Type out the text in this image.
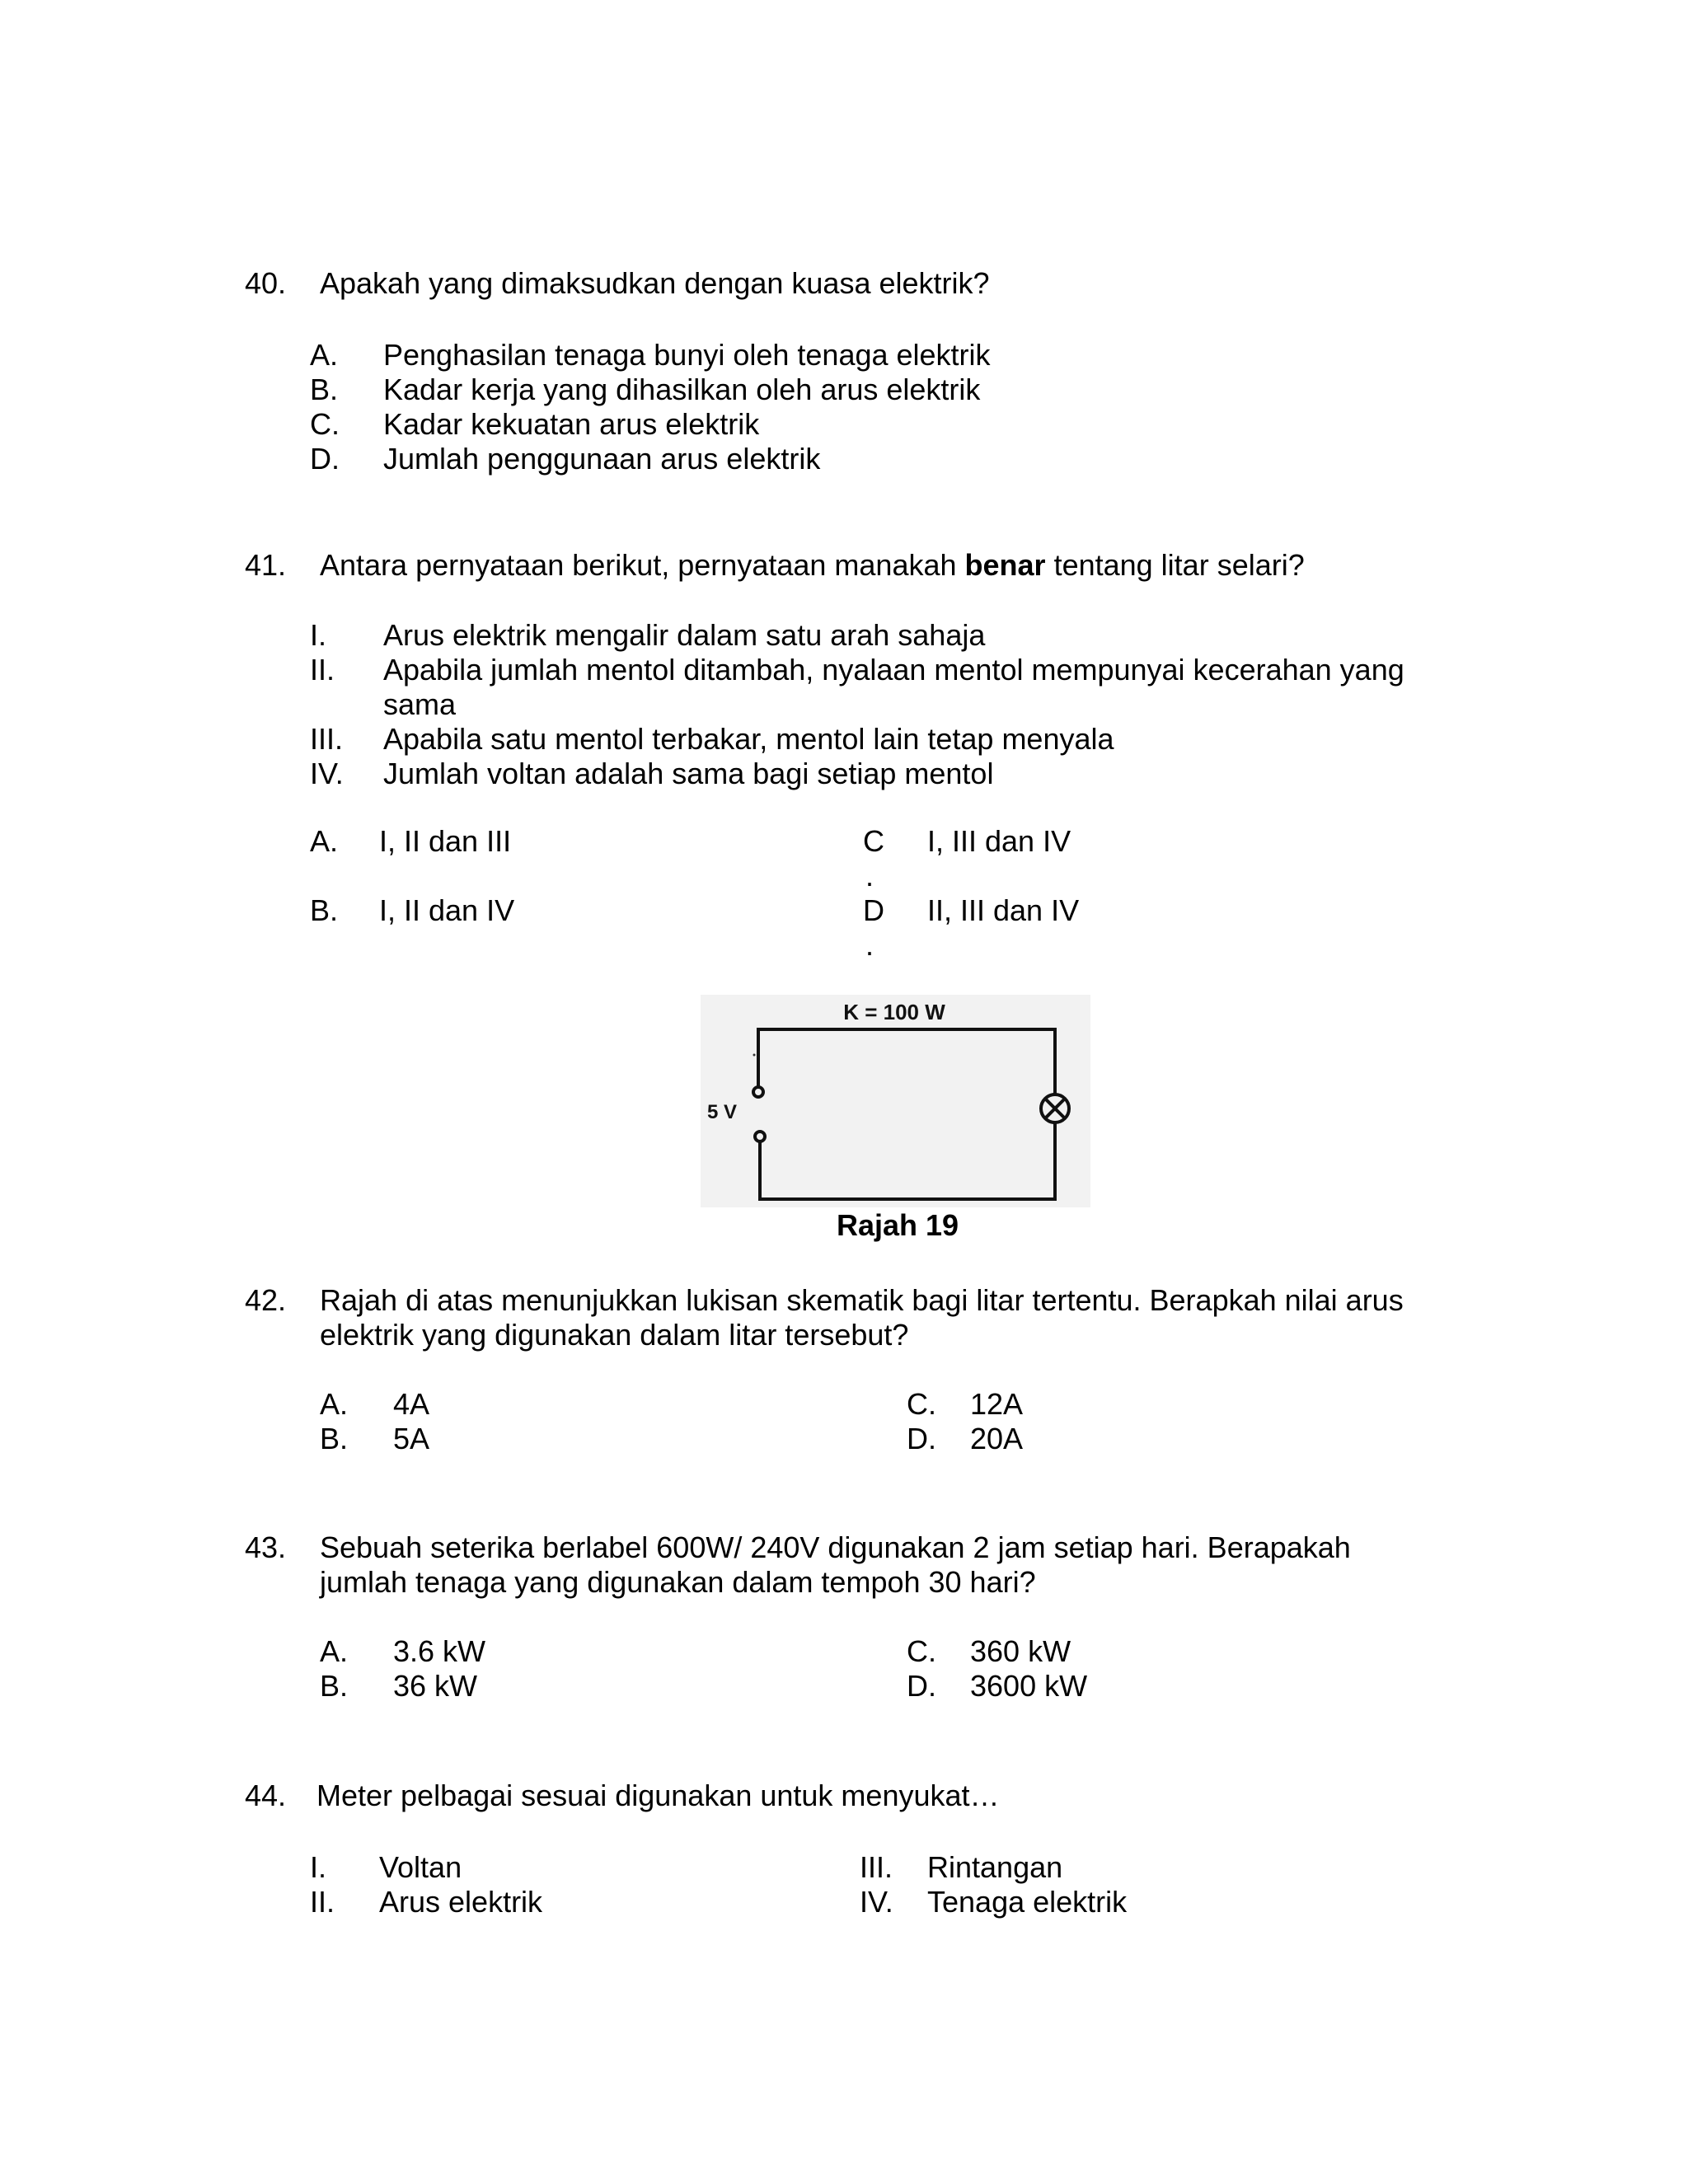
40. Apakah yang dimaksudkan dengan kuasa elektrik?
A. Penghasilan tenaga bunyi oleh tenaga elektrik
B. Kadar kerja yang dihasilkan oleh arus elektrik
C. Kadar kekuatan arus elektrik
D. Jumlah penggunaan arus elektrik
41. Antara pernyataan berikut, pernyataan manakah benar tentang litar selari?
I. Arus elektrik mengalir dalam satu arah sahaja
II. Apabila jumlah mentol ditambah, nyalaan mentol mempunyai kecerahan yang
sama
III. Apabila satu mentol terbakar, mentol lain tetap menyala
IV. Jumlah voltan adalah sama bagi setiap mentol
A. I, II dan III
B. I, II dan IV
C
.
I, III dan IV
D
.
II, III dan IV
K = 100 W
5 V
Rajah 19
42. Rajah di atas menunjukkan lukisan skematik bagi litar tertentu. Berapkah nilai arus
elektrik yang digunakan dalam litar tersebut?
A. 4A
B. 5A
C. 12A
D. 20A
43. Sebuah seterika berlabel 600W/ 240V digunakan 2 jam setiap hari. Berapakah
jumlah tenaga yang digunakan dalam tempoh 30 hari?
A. 3.6 kW
B. 36 kW
C. 360 kW
D. 3600 kW
44. Meter pelbagai sesuai digunakan untuk menyukat…
I. Voltan
II. Arus elektrik
III. Rintangan
IV. Tenaga elektrik
